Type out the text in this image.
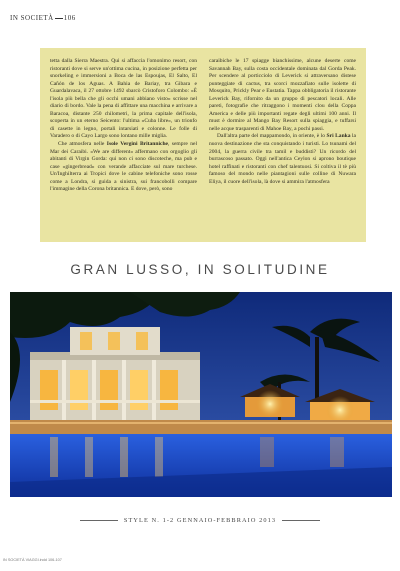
IN SOCIETÀ 106

tetta dalla Sierra Maestra. Qui si affaccia l'omonimo resort, con ristoranti dove si serve un'ottima cucina, in posizione perfetta per snorkeling e immersioni a Boca de las Espoujas, El Salto, El Cañón de los Aguas. A Bahia de Bariay, tra Gibara e Guardalavaca, il 27 ottobre 1492 sbarcò Cristoforo Colombo: «È l'isola più bella che gli occhi umani abbiano visto» scrisse nel diario di bordo. Vale la pena di affittare una macchina e arrivare a Baracoa, distante 250 chilometri, la prima capitale dell'isola, scoperta in un eterno Seicento: l'ultima «Cuba libre», un trionfo di casette in legno, portali intarsiati e colonne. Le folle di Varadero o di Cayo Largo sono lontano mille miglia.

Che atmosfera nelle Isole Vergini Britanniche, sempre nel Mar dei Caraibi. «We are different» affermano con orgoglio gli abitanti di Virgin Gorda: qui non ci sono discoteche, ma pub e case «gingerbread» con verande affacciate sul mare turchese. Un'Inghilterra ai Tropici dove le cabine telefoniche sono rosse come a Londra, si guida a sinistra, sui francobolli compare l'immagine della Corona britannica. E dove, però, sono

caraibiche le 17 spiagge bianchissime, alcune deserte come Savannah Bay, sulla costa occidentale dominata dal Gorda Peak. Per scendere al porticciolo di Leverick si attraversano distese punteggiate di cactus, tra scorci mozzafiato sulle isolette di Mosquito, Prickly Pear e Eustatia. Tappa obbligatoria il ristorante Leverick Bay, rifornito da un gruppo di pescatori locali. Alle pareti, fotografie che ritraggono i momenti clou della Coppa America e delle più importanti regate degli ultimi 100 anni. Il must è dormire al Mango Bay Resort sulla spiaggia, e tuffarsi nelle acque trasparenti di Mahoe Bay, a pochi passi.

Dall'altra parte del mappamondo, in oriente, è lo Sri Lanka la nuova destinazione che sta conquistando i turisti. Lo tsunami del 2004, la guerra civile tra tamil e buddisti? Un ricordo del burrascoso passato. Oggi nell'antica Ceylon si aprono boutique hotel raffinati e ristoranti con chef talentuosi. Si coltiva il tè più famoso del mondo nelle piantagioni sulle colline di Nuwara Eliya, il cuore dell'isola, là dove si ammira l'atmosfera

GRAN LUSSO, IN SOLITUDINE
STYLE N. 1-2 GENNAIO-FEBBRAIO 2013
IN SOCIETÀ VIAGGI.indd 106-107
